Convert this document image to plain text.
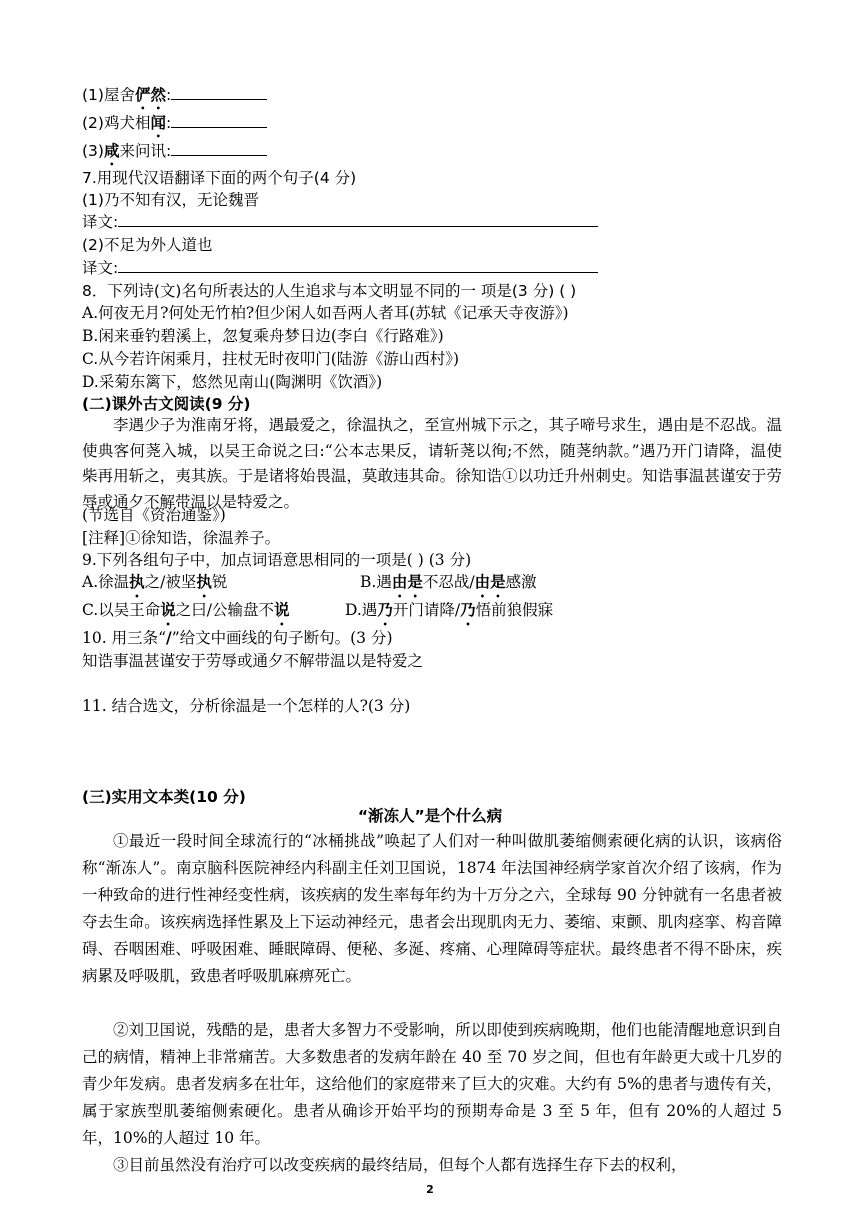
(1)屋舍俨然:
(2)鸡犬相闻:
(3)咸来问讯:
7.用现代汉语翻译下面的两个句子(4 分)
(1)乃不知有汉，无论魏晋
译文:
(2)不足为外人道也
译文:
8．下列诗(文)名句所表达的人生追求与本文明显不同的一 项是(3 分) ( )
A.何夜无月?何处无竹柏?但少闲人如吾两人者耳(苏轼《记承天寺夜游》)
B.闲来垂钓碧溪上，忽复乘舟梦日边(李白《行路难》)
C.从今若许闲乘月，拄杖无时夜叩门(陆游《游山西村》)
D.采菊东篱下，悠然见南山(陶渊明《饮酒》)
(二)课外古文阅读(9 分)
李遇少子为淮南牙将，遇最爱之，徐温执之，至宣州城下示之，其子啼号求生，遇由是不忍战。温使典客何荛入城，以吴王命说之曰:“公本志果反，请斩荛以徇;不然，随荛纳款。”遇乃开门请降，温使柴再用斩之，夷其族。于是诸将始畏温，莫敢违其命。徐知诰①以功迁升州刺史。知诰事温甚谨安于劳辱或通夕不解带温以是特爱之。
(节选自《资治通鉴》)
[注释]①徐知诰，徐温养子。
9.下列各组句子中，加点词语意思相同的一项是( ) (3 分)
A.徐温执之/被坚执锐	B.遇由是不忍战/由是感激
C.以吴王命说之曰/公输盘不说	D.遇乃开门请降/乃悟前狼假寐
10. 用三条“/”给文中画线的句子断句。(3 分)
知诰事温甚谨安于劳辱或通夕不解带温以是特爱之
11. 结合选文，分析徐温是一个怎样的人?(3 分)
(三)实用文本类(10 分)
“渐冻人”是个什么病
①最近一段时间全球流行的“冰桶挑战”唤起了人们对一种叫做肌萎缩侧索硬化病的认识，该病俗称“渐冻人”。南京脑科医院神经内科副主任刘卫国说，1874 年法国神经病学家首次介绍了该病，作为一种致命的进行性神经变性病，该疾病的发生率每年约为十万分之六，全球每 90 分钟就有一名患者被夺去生命。该疾病选择性累及上下运动神经元，患者会出现肌肉无力、萎缩、束颤、肌肉痉挛、构音障碍、吞咽困难、呼吸困难、睡眠障碍、便秘、多涎、疼痛、心理障碍等症状。最终患者不得不卧床，疾病累及呼吸肌，致患者呼吸肌麻痹死亡。
②刘卫国说，残酷的是，患者大多智力不受影响，所以即使到疾病晚期，他们也能清醒地意识到自己的病情，精神上非常痛苦。大多数患者的发病年龄在 40 至 70 岁之间，但也有年龄更大或十几岁的青少年发病。患者发病多在壮年，这给他们的家庭带来了巨大的灾难。大约有 5%的患者与遗传有关，属于家族型肌萎缩侧索硬化。患者从确诊开始平均的预期寿命是 3 至 5 年，但有 20%的人超过 5 年，10%的人超过 10 年。
③目前虽然没有治疗可以改变疾病的最终结局，但每个人都有选择生存下去的权利，
2
